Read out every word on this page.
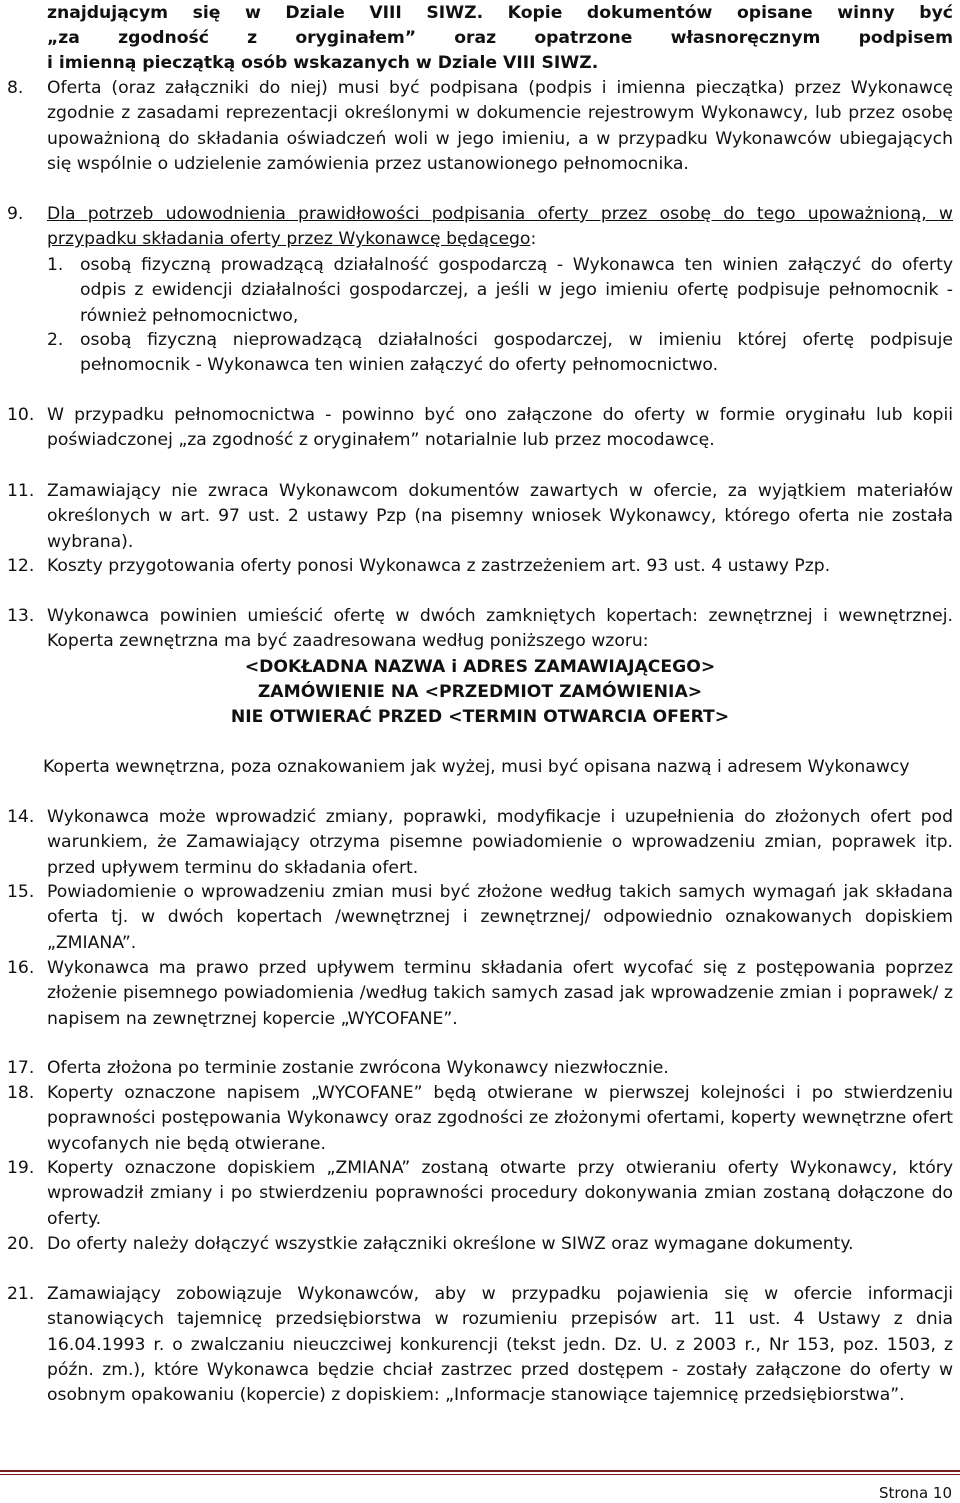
znajdującym się w Dziale VIII SIWZ. Kopie dokumentów opisane winny być

„za zgodność z oryginałem” oraz opatrzone własnoręcznym podpisem

i imienną pieczątką osób wskazanych w Dziale VIII SIWZ.

8. Oferta (oraz załączniki do niej) musi być podpisana (podpis i imienna pieczątka) przez Wykonawcę zgodnie z zasadami reprezentacji określonymi w dokumencie rejestrowym Wykonawcy, lub przez osobę upoważnioną do składania oświadczeń woli w jego imieniu, a w przypadku Wykonawców ubiegających się wspólnie o udzielenie zamówienia przez ustanowionego pełnomocnika.

9. Dla potrzeb udowodnienia prawidłowości podpisania oferty przez osobę do tego upoważnioną, w przypadku składania oferty przez Wykonawcę będącego:

1. osobą fizyczną prowadzącą działalność gospodarczą - Wykonawca ten winien załączyć do oferty odpis z ewidencji działalności gospodarczej, a jeśli w jego imieniu ofertę podpisuje pełnomocnik - również pełnomocnictwo,

2. osobą fizyczną nieprowadzącą działalności gospodarczej, w imieniu której ofertę podpisuje pełnomocnik - Wykonawca ten winien załączyć do oferty pełnomocnictwo.

10. W przypadku pełnomocnictwa - powinno być ono załączone do oferty w formie oryginału lub kopii poświadczonej „za zgodność z oryginałem” notarialnie lub przez mocodawcę.

11. Zamawiający nie zwraca Wykonawcom dokumentów zawartych w ofercie, za wyjątkiem materiałów określonych w art. 97 ust. 2 ustawy Pzp (na pisemny wniosek Wykonawcy, którego oferta nie została wybrana).

12. Koszty przygotowania oferty ponosi Wykonawca z zastrzeżeniem art. 93 ust. 4 ustawy Pzp.

13. Wykonawca powinien umieścić ofertę w dwóch zamkniętych kopertach: zewnętrznej i wewnętrznej. Koperta zewnętrzna ma być zaadresowana według poniższego wzoru:

<DOKŁADNA NAZWA i ADRES ZAMAWIAJĄCEGO>

ZAMÓWIENIE NA <PRZEDMIOT ZAMÓWIENIA>

NIE OTWIERAĆ PRZED <TERMIN OTWARCIA OFERT>

Koperta wewnętrzna, poza oznakowaniem jak wyżej, musi być opisana nazwą i adresem Wykonawcy

14. Wykonawca może wprowadzić zmiany, poprawki, modyfikacje i uzupełnienia do złożonych ofert pod warunkiem, że Zamawiający otrzyma pisemne powiadomienie o wprowadzeniu zmian, poprawek itp. przed upływem terminu do składania ofert.

15. Powiadomienie o wprowadzeniu zmian musi być złożone według takich samych wymagań jak składana oferta tj. w dwóch kopertach /wewnętrznej i zewnętrznej/ odpowiednio oznakowanych dopiskiem „ZMIANA”.

16. Wykonawca ma prawo przed upływem terminu składania ofert wycofać się z postępowania poprzez złożenie pisemnego powiadomienia /według takich samych zasad jak wprowadzenie zmian i poprawek/ z napisem na zewnętrznej kopercie „WYCOFANE”.

17. Oferta złożona po terminie zostanie zwrócona Wykonawcy niezwłocznie.

18. Koperty oznaczone napisem „WYCOFANE” będą otwierane w pierwszej kolejności i po stwierdzeniu poprawności postępowania Wykonawcy oraz zgodności ze złożonymi ofertami, koperty wewnętrzne ofert wycofanych nie będą otwierane.

19. Koperty oznaczone dopiskiem „ZMIANA” zostaną otwarte przy otwieraniu oferty Wykonawcy, który wprowadził zmiany i po stwierdzeniu poprawności procedury dokonywania zmian zostaną dołączone do oferty.

20. Do oferty należy dołączyć wszystkie załączniki określone w SIWZ oraz wymagane dokumenty.

21. Zamawiający zobowiązuje Wykonawców, aby w przypadku pojawienia się w ofercie informacji stanowiących tajemnicę przedsiębiorstwa w rozumieniu przepisów art. 11 ust. 4 Ustawy z dnia 16.04.1993 r. o zwalczaniu nieuczciwej konkurencji (tekst jedn. Dz. U. z 2003 r., Nr 153, poz. 1503, z późn. zm.), które Wykonawca będzie chciał zastrzec przed dostępem - zostały załączone do oferty w osobnym opakowaniu (kopercie) z dopiskiem: „Informacje stanowiące tajemnicę przedsiębiorstwa”.

Strona 10
